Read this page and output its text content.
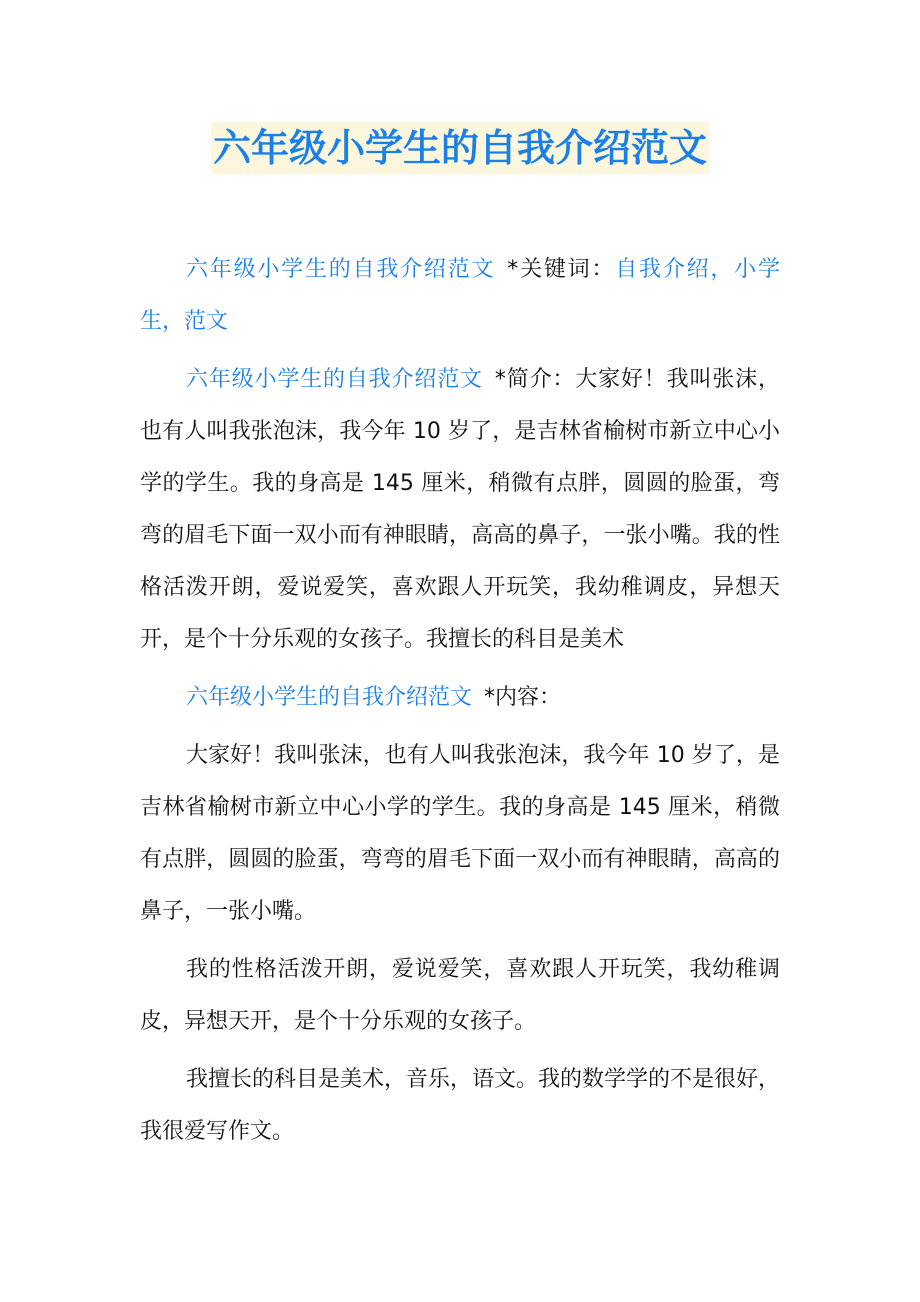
六年级小学生的自我介绍范文

六年级小学生的自我介绍范文 *关键词：自我介绍，小学生，范文

六年级小学生的自我介绍范文 *简介：大家好！我叫张沫，也有人叫我张泡沫，我今年 10 岁了，是吉林省榆树市新立中心小学的学生。我的身高是 145 厘米，稍微有点胖，圆圆的脸蛋，弯弯的眉毛下面一双小而有神眼睛，高高的鼻子，一张小嘴。我的性格活泼开朗，爱说爱笑，喜欢跟人开玩笑，我幼稚调皮，异想天开，是个十分乐观的女孩子。我擅长的科目是美术

六年级小学生的自我介绍范文 *内容：

大家好！我叫张沫，也有人叫我张泡沫，我今年 10 岁了，是吉林省榆树市新立中心小学的学生。我的身高是 145 厘米，稍微有点胖，圆圆的脸蛋，弯弯的眉毛下面一双小而有神眼睛，高高的鼻子，一张小嘴。

我的性格活泼开朗，爱说爱笑，喜欢跟人开玩笑，我幼稚调皮，异想天开，是个十分乐观的女孩子。

我擅长的科目是美术，音乐，语文。我的数学学的不是很好，我很爱写作文。
